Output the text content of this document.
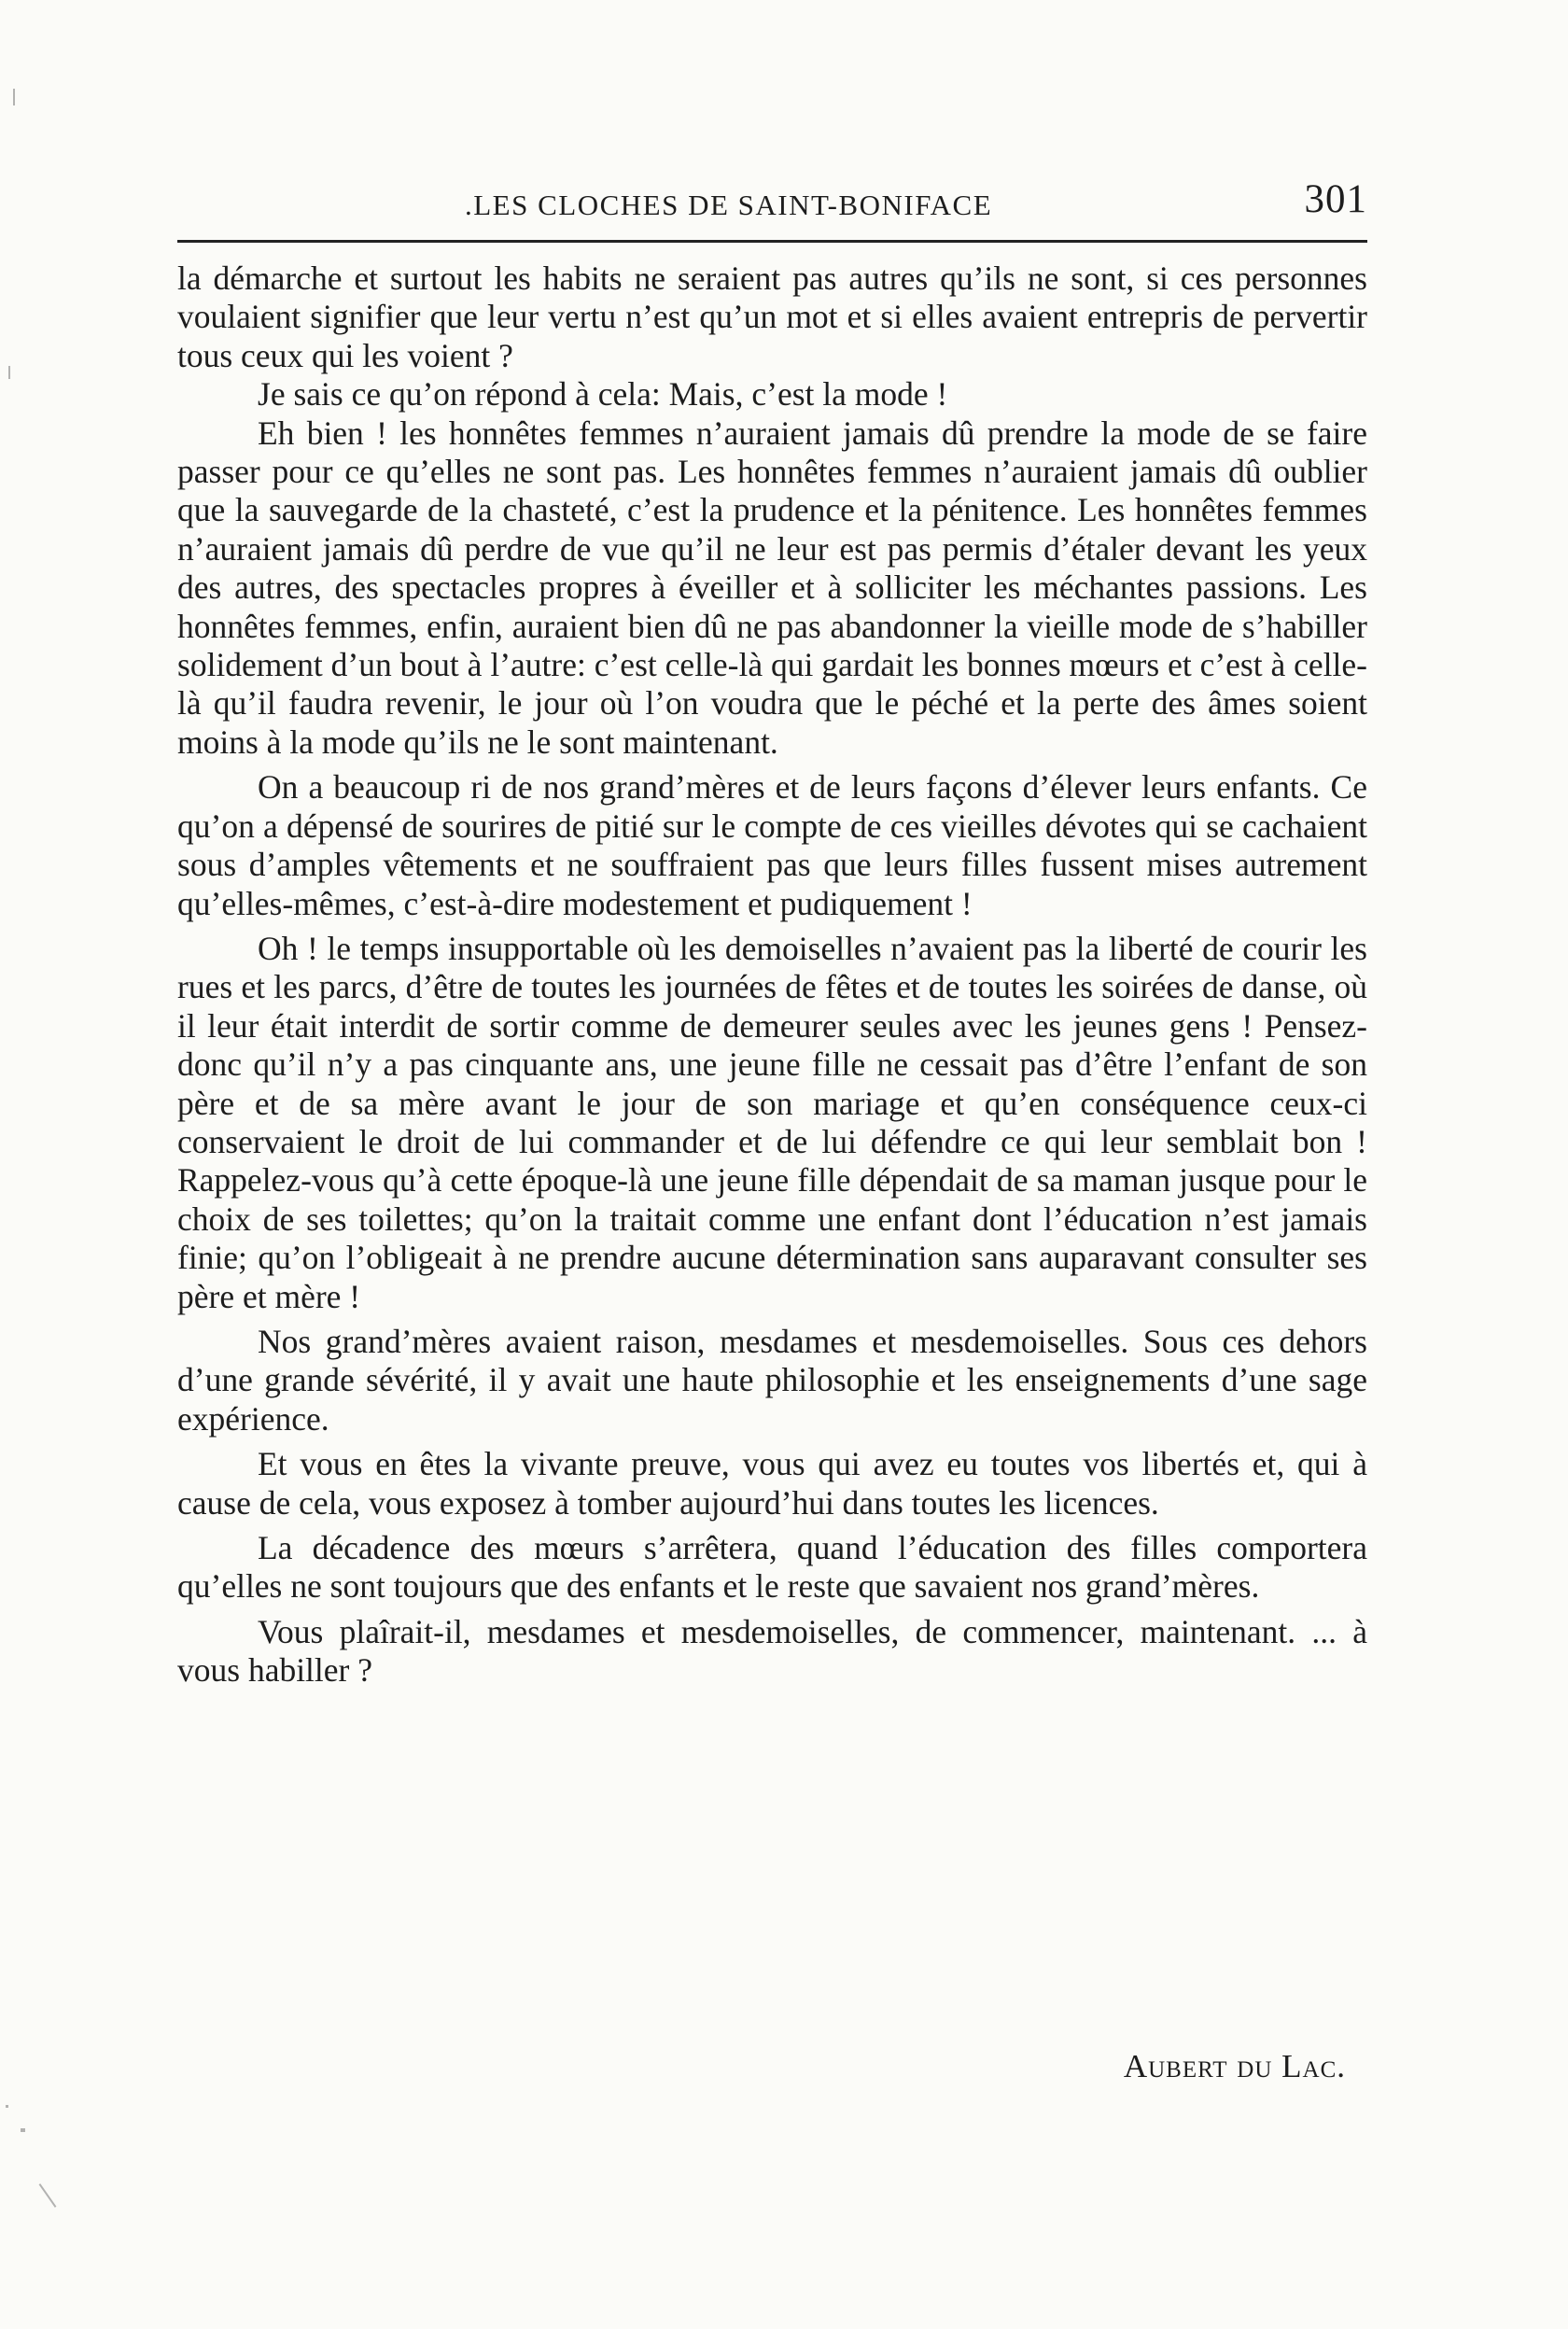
.LES CLOCHES DE SAINT-BONIFACE	301

la démarche et surtout les habits ne seraient pas autres qu’ils ne sont, si ces personnes voulaient signifier que leur vertu n’est qu’un mot et si elles avaient entrepris de pervertir tous ceux qui les voient ?

Je sais ce qu’on répond à cela: Mais, c’est la mode !

Eh bien ! les honnêtes femmes n’auraient jamais dû prendre la mode de se faire passer pour ce qu’elles ne sont pas. Les honnêtes femmes n’auraient jamais dû oublier que la sauvegarde de la chasteté, c’est la prudence et la pénitence. Les honnêtes femmes n’auraient jamais dû perdre de vue qu’il ne leur est pas permis d’étaler devant les yeux des autres, des spectacles propres à éveiller et à solliciter les méchantes passions. Les honnêtes femmes, enfin, auraient bien dû ne pas abandonner la vieille mode de s’habiller solidement d’un bout à l’autre: c’est celle-là qui gardait les bonnes mœurs et c’est à celle-là qu’il faudra revenir, le jour où l’on voudra que le péché et la perte des âmes soient moins à la mode qu’ils ne le sont maintenant.

On a beaucoup ri de nos grand’mères et de leurs façons d’élever leurs enfants. Ce qu’on a dépensé de sourires de pitié sur le compte de ces vieilles dévotes qui se cachaient sous d’amples vêtements et ne souffraient pas que leurs filles fussent mises autrement qu’elles-mêmes, c’est-à-dire modestement et pudiquement !

Oh ! le temps insupportable où les demoiselles n’avaient pas la liberté de courir les rues et les parcs, d’être de toutes les journées de fêtes et de toutes les soirées de danse, où il leur était interdit de sortir comme de demeurer seules avec les jeunes gens ! Pensez-donc qu’il n’y a pas cinquante ans, une jeune fille ne cessait pas d’être l’enfant de son père et de sa mère avant le jour de son mariage et qu’en conséquence ceux-ci conservaient le droit de lui commander et de lui défendre ce qui leur semblait bon ! Rappelez-vous qu’à cette époque-là une jeune fille dépendait de sa maman jusque pour le choix de ses toilettes; qu’on la traitait comme une enfant dont l’éducation n’est jamais finie; qu’on l’obligeait à ne prendre aucune détermination sans auparavant consulter ses père et mère !

Nos grand’mères avaient raison, mesdames et mesdemoiselles. Sous ces dehors d’une grande sévérité, il y avait une haute philosophie et les enseignements d’une sage expérience.

Et vous en êtes la vivante preuve, vous qui avez eu toutes vos libertés et, qui à cause de cela, vous exposez à tomber aujourd’hui dans toutes les licences.

La décadence des mœurs s’arrêtera, quand l’éducation des filles comportera qu’elles ne sont toujours que des enfants et le reste que savaient nos grand’mères.

Vous plaîrait-il, mesdames et mesdemoiselles, de commencer, maintenant. ... à vous habiller ?

Aubert du Lac.
